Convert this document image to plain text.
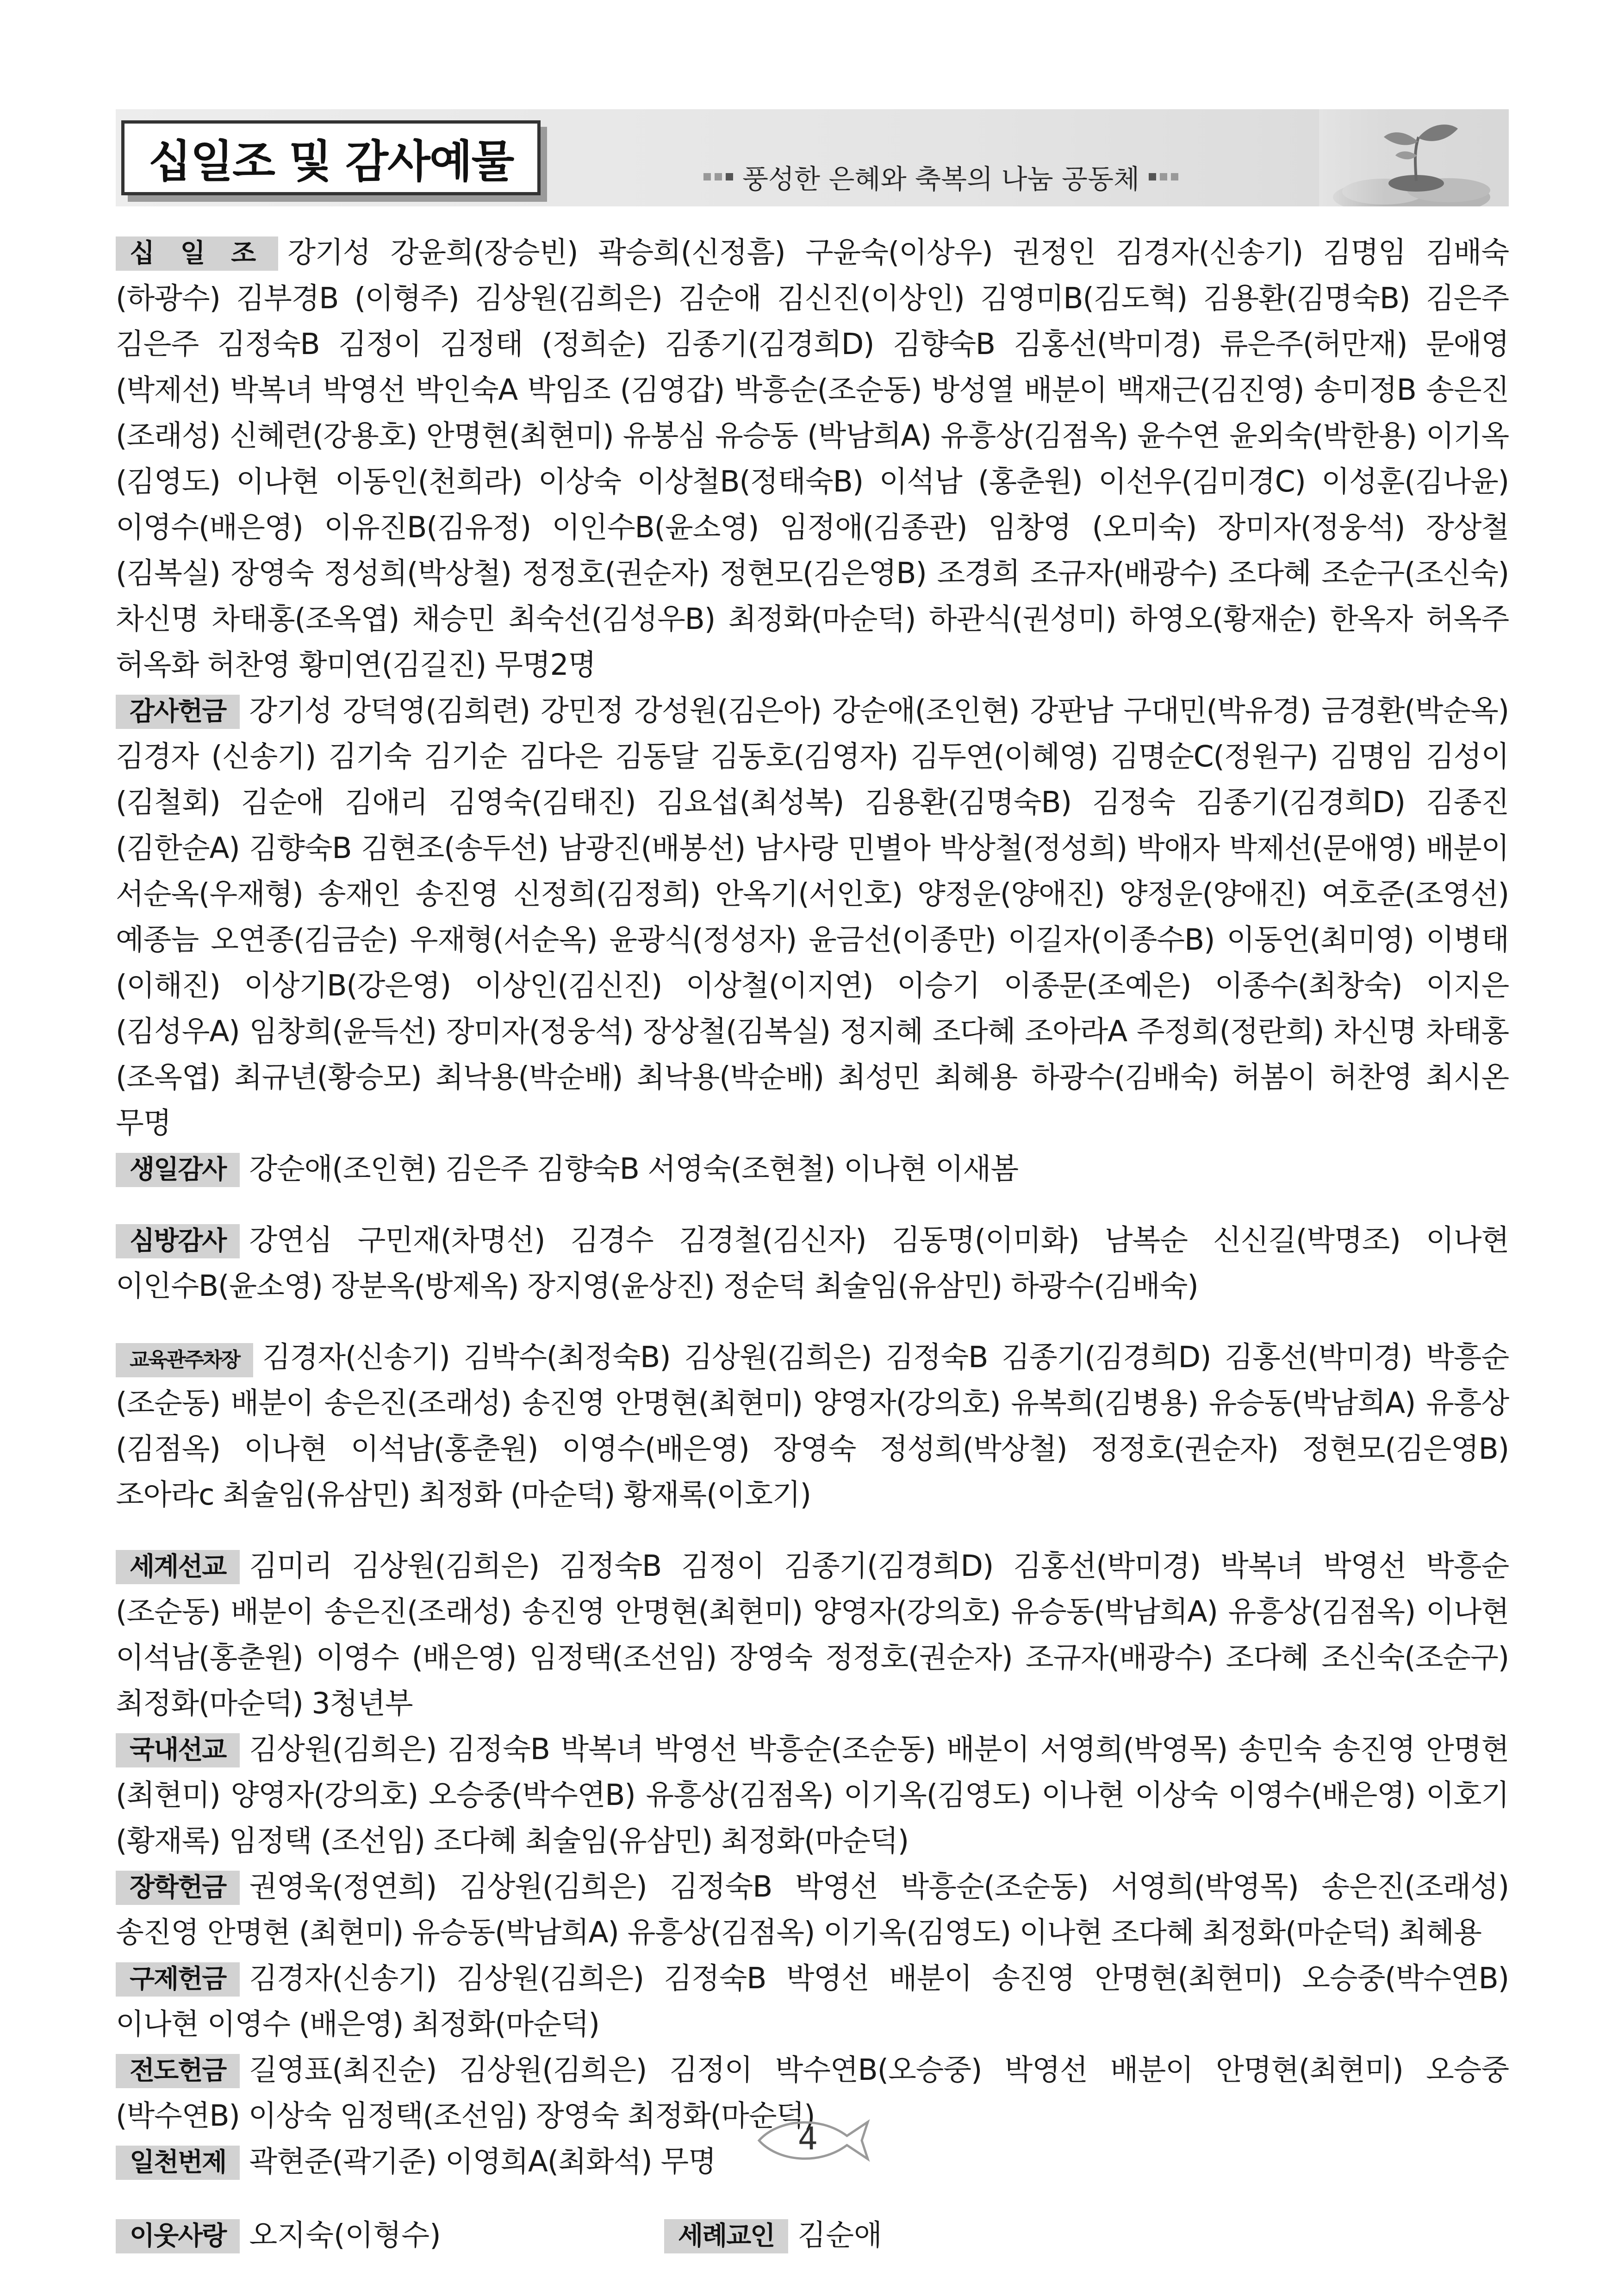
십일조 및 감사예물	풍성한 은혜와 축복의 나눔 공동체
십 일 조 강기성 강윤희(장승빈) 곽승희(신정흠) 구윤숙(이상우) 권정인 김경자(신송기) 김명임 김배숙(하광수) 김부경B (이형주) 김상원(김희은) 김순애 김신진(이상인) 김영미B(김도혁) 김용환(김명숙B) 김은주 김은주 김정숙B 김정이 김정태 (정희순) 김종기(김경희D) 김향숙B 김홍선(박미경) 류은주(허만재) 문애영(박제선) 박복녀 박영선 박인숙A 박임조 (김영갑) 박흥순(조순동) 방성열 배분이 백재근(김진영) 송미정B 송은진(조래성) 신혜련(강용호) 안명현(최현미) 유봉심 유승동 (박남희A) 유흥상(김점옥) 윤수연 윤외숙(박한용) 이기옥(김영도) 이나현 이동인(천희라) 이상숙 이상철B(정태숙B) 이석남 (홍춘원) 이선우(김미경C) 이성훈(김나윤) 이영수(배은영) 이유진B(김유정) 이인수B(윤소영) 임정애(김종관) 임창영 (오미숙) 장미자(정웅석) 장상철(김복실) 장영숙 정성희(박상철) 정정호(권순자) 정현모(김은영B) 조경희 조규자(배광수) 조다혜 조순구(조신숙) 차신명 차태홍(조옥엽) 채승민 최숙선(김성우B) 최정화(마순덕) 하관식(권성미) 하영오(황재순) 한옥자 허옥주 허옥화 허찬영 황미연(김길진) 무명2명
감사헌금 강기성 강덕영(김희련) 강민정 강성원(김은아) 강순애(조인현) 강판남 구대민(박유경) 금경환(박순옥) 김경자 (신송기) 김기숙 김기순 김다은 김동달 김동호(김영자) 김두연(이혜영) 김명순C(정원구) 김명임 김성이(김철회) 김순애 김애리 김영숙(김태진) 김요섭(최성복) 김용환(김명숙B) 김정숙 김종기(김경희D) 김종진(김한순A) 김향숙B 김현조(송두선) 남광진(배봉선) 남사랑 민별아 박상철(정성희) 박애자 박제선(문애영) 배분이 서순옥(우재형) 송재인 송진영 신정희(김정희) 안옥기(서인호) 양정운(양애진) 양정운(양애진) 여호준(조영선) 예종늠 오연종(김금순) 우재형(서순옥) 윤광식(정성자) 윤금선(이종만) 이길자(이종수B) 이동언(최미영) 이병태(이해진) 이상기B(강은영) 이상인(김신진) 이상철(이지연) 이승기 이종문(조예은) 이종수(최창숙) 이지은(김성우A) 임창희(윤득선) 장미자(정웅석) 장상철(김복실) 정지혜 조다혜 조아라A 주정희(정란희) 차신명 차태홍(조옥엽) 최규년(황승모) 최낙용(박순배) 최낙용(박순배) 최성민 최혜용 하광수(김배숙) 허봄이 허찬영 최시온 무명
생일감사 강순애(조인현) 김은주 김향숙B 서영숙(조현철) 이나현 이새봄
심방감사 강연심 구민재(차명선) 김경수 김경철(김신자) 김동명(이미화) 남복순 신신길(박명조) 이나현 이인수B(윤소영) 장분옥(방제옥) 장지영(윤상진) 정순덕 최술임(유삼민) 하광수(김배숙)
교육관주차장 김경자(신송기) 김박수(최정숙B) 김상원(김희은) 김정숙B 김종기(김경희D) 김홍선(박미경) 박흥순(조순동) 배분이 송은진(조래성) 송진영 안명현(최현미) 양영자(강의호) 유복희(김병용) 유승동(박남희A) 유흥상(김점옥) 이나현 이석남(홍춘원) 이영수(배은영) 장영숙 정성희(박상철) 정정호(권순자) 정현모(김은영B) 조아라c 최술임(유삼민) 최정화 (마순덕) 황재록(이호기)
세계선교 김미리 김상원(김희은) 김정숙B 김정이 김종기(김경희D) 김홍선(박미경) 박복녀 박영선 박흥순(조순동) 배분이 송은진(조래성) 송진영 안명현(최현미) 양영자(강의호) 유승동(박남희A) 유흥상(김점옥) 이나현 이석남(홍춘원) 이영수 (배은영) 임정택(조선임) 장영숙 정정호(권순자) 조규자(배광수) 조다혜 조신숙(조순구) 최정화(마순덕) 3청년부
국내선교 김상원(김희은) 김정숙B 박복녀 박영선 박흥순(조순동) 배분이 서영희(박영목) 송민숙 송진영 안명현(최현미) 양영자(강의호) 오승중(박수연B) 유흥상(김점옥) 이기옥(김영도) 이나현 이상숙 이영수(배은영) 이호기(황재록) 임정택 (조선임) 조다혜 최술임(유삼민) 최정화(마순덕)
장학헌금 권영욱(정연희) 김상원(김희은) 김정숙B 박영선 박흥순(조순동) 서영희(박영목) 송은진(조래성) 송진영 안명현 (최현미) 유승동(박남희A) 유흥상(김점옥) 이기옥(김영도) 이나현 조다혜 최정화(마순덕) 최혜용
구제헌금 김경자(신송기) 김상원(김희은) 김정숙B 박영선 배분이 송진영 안명현(최현미) 오승중(박수연B) 이나현 이영수 (배은영) 최정화(마순덕)
전도헌금 길영표(최진순) 김상원(김희은) 김정이 박수연B(오승중) 박영선 배분이 안명현(최현미) 오승중(박수연B) 이상숙 임정택(조선임) 장영숙 최정화(마순덕)
일천번제 곽현준(곽기준) 이영희A(최화석) 무명
이웃사랑 오지숙(이형수)	세례교인 김순애
4
